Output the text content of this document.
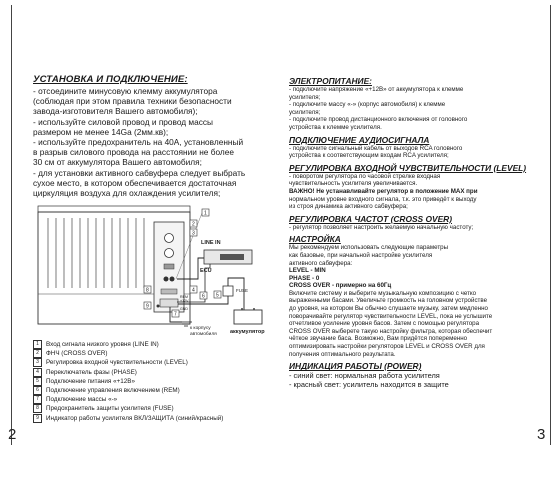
УСТАНОВКА И ПОДКЛЮЧЕНИЕ:

- отсоедините минусовую клемму аккумулятора
(соблюдая при этом правила техники безопасности
завода-изготовителя Вашего автомобиля);
- используйте силовой провод и провод массы
размером не менее 14Ga (2мм.кв);
- используйте предохранитель на 40А, установленный
в разрыв силового провода на расстоянии не более
30 см от аккумулятора Вашего автомобиля;
- для установки активного сабвуфера следует выбрать
сухое место, в котором обеспечивается достаточная
циркуляция воздуха для охлаждения усилителя;

LINE IN
ECU
FUSE
аккумулятор
к корпусу
автомобиля
1
2
3
4
5
6
7
8
9
REM
+12V
GND
1	Вход сигнала низкого уровня (LINE IN)
2	ФНЧ (CROSS OVER)
3	Регулировка входной чувствительности (LEVEL)
4	Переключатель фазы (PHASE)
5	Подключение питания «+12В»
6	Подключение управления включением (REM)
7	Подключение массы «-»
8	Предохранитель защиты усилителя (FUSE)
9	Индикатор работы усилителя ВКЛ/ЗАЩИТА (синий/красный)

ЭЛЕКТРОПИТАНИЕ:

- подключите напряжение «+12В» от аккумулятора к клемме
усилителя;
- подключите массу «-» (корпус автомобиля) к клемме
усилителя;
- подключите провод дистанционного включения от головного
устройства к клемме усилителя.

ПОДКЛЮЧЕНИЕ АУДИОСИГНАЛА

- подключите сигнальный кабель от выходов RCA головного
устройства к соответствующим входам RCA усилителя;

РЕГУЛИРОВКА ВХОДНОЙ ЧУВСТВИТЕЛЬНОСТИ (LEVEL)

- поворотом регулятора по часовой стрелке входная
чувствительность усилителя увеличивается.
ВАЖНО! Не устанавливайте регулятор в положение MAX при
нормальном уровне входного сигнала, т.к. это приведёт к выходу
из строя динамика активного сабвуфера;

РЕГУЛИРОВКА ЧАСТОТ (CROSS OVER)

- регулятор позволяет настроить желаемую начальную частоту;

НАСТРОЙКА

Мы рекомендуем использовать следующие параметры
как базовые, при начальной настройке усилителя
активного сабвуфера:
LEVEL - MIN
PHASE - 0
CROSS OVER - примерно на 60Гц
Включите систему и выберите музыкальную композицию с четко
выраженными басами. Увеличьте громкость на головном устройстве
до уровня, на котором Вы обычно слушаете музыку, затем медленно
поворачивайте регулятор чувствительности LEVEL, пока не услышите
отчетливое усиление уровня басов. Затем с помощью регулятора
CROSS OVER выберете такую настройку фильтра, которая обеспечит
чёткое звучание баса. Возможно, Вам придётся попеременно
оптимизировать настройки регуляторов LEVEL и CROSS OVER для
получения оптимального результата.

ИНДИКАЦИЯ РАБОТЫ (POWER)

- синий свет: нормальная работа усилителя
- красный свет: усилитель находится в защите

2	3
